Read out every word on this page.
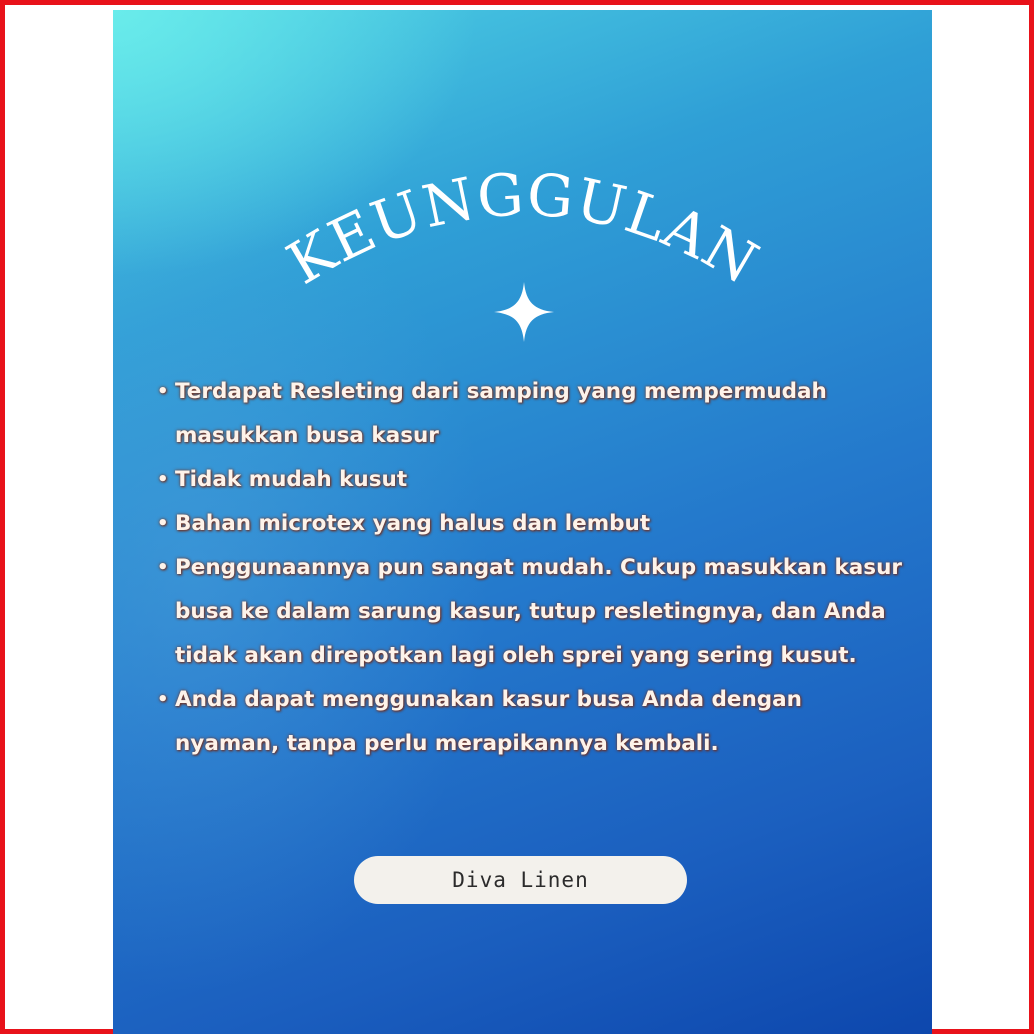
KEUNGGULAN
• Terdapat Resleting dari samping yang mempermudah masukkan busa kasur
• Tidak mudah kusut
• Bahan microtex yang halus dan lembut
• Penggunaannya pun sangat mudah. Cukup masukkan kasur busa ke dalam sarung kasur, tutup resletingnya, dan Anda tidak akan direpotkan lagi oleh sprei yang sering kusut.
• Anda dapat menggunakan kasur busa Anda dengan nyaman, tanpa perlu merapikannya kembali.
Diva Linen
